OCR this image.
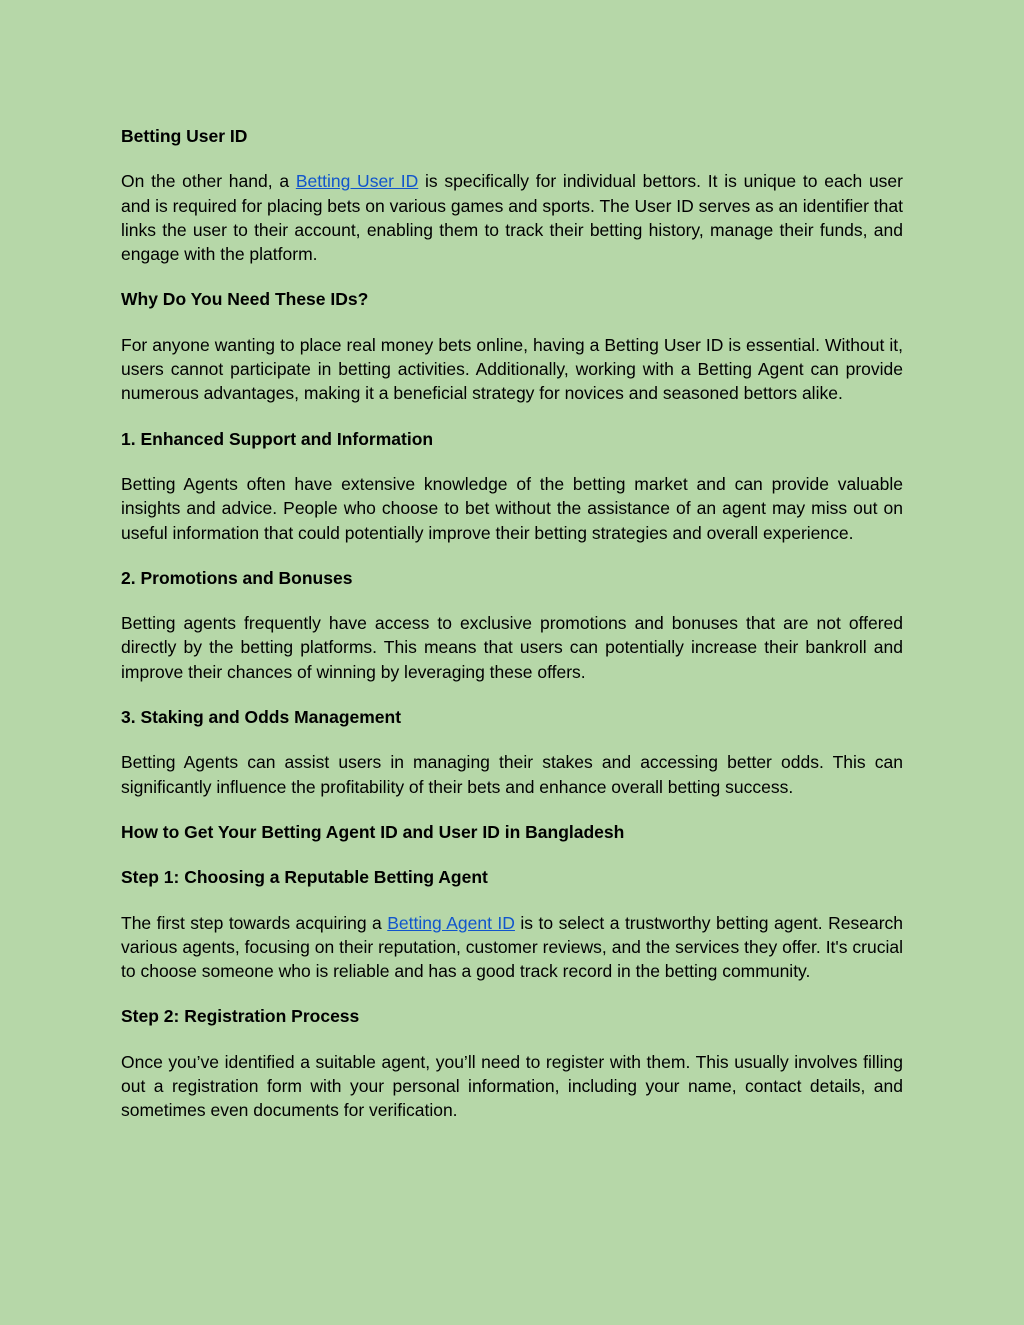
Betting User ID
On the other hand, a Betting User ID is specifically for individual bettors. It is unique to each user and is required for placing bets on various games and sports. The User ID serves as an identifier that links the user to their account, enabling them to track their betting history, manage their funds, and engage with the platform.
Why Do You Need These IDs?
For anyone wanting to place real money bets online, having a Betting User ID is essential. Without it, users cannot participate in betting activities. Additionally, working with a Betting Agent can provide numerous advantages, making it a beneficial strategy for novices and seasoned bettors alike.
1. Enhanced Support and Information
Betting Agents often have extensive knowledge of the betting market and can provide valuable insights and advice. People who choose to bet without the assistance of an agent may miss out on useful information that could potentially improve their betting strategies and overall experience.
2. Promotions and Bonuses
Betting agents frequently have access to exclusive promotions and bonuses that are not offered directly by the betting platforms. This means that users can potentially increase their bankroll and improve their chances of winning by leveraging these offers.
3. Staking and Odds Management
Betting Agents can assist users in managing their stakes and accessing better odds. This can significantly influence the profitability of their bets and enhance overall betting success.
How to Get Your Betting Agent ID and User ID in Bangladesh
Step 1: Choosing a Reputable Betting Agent
The first step towards acquiring a Betting Agent ID is to select a trustworthy betting agent. Research various agents, focusing on their reputation, customer reviews, and the services they offer. It's crucial to choose someone who is reliable and has a good track record in the betting community.
Step 2: Registration Process
Once you’ve identified a suitable agent, you’ll need to register with them. This usually involves filling out a registration form with your personal information, including your name, contact details, and sometimes even documents for verification.
